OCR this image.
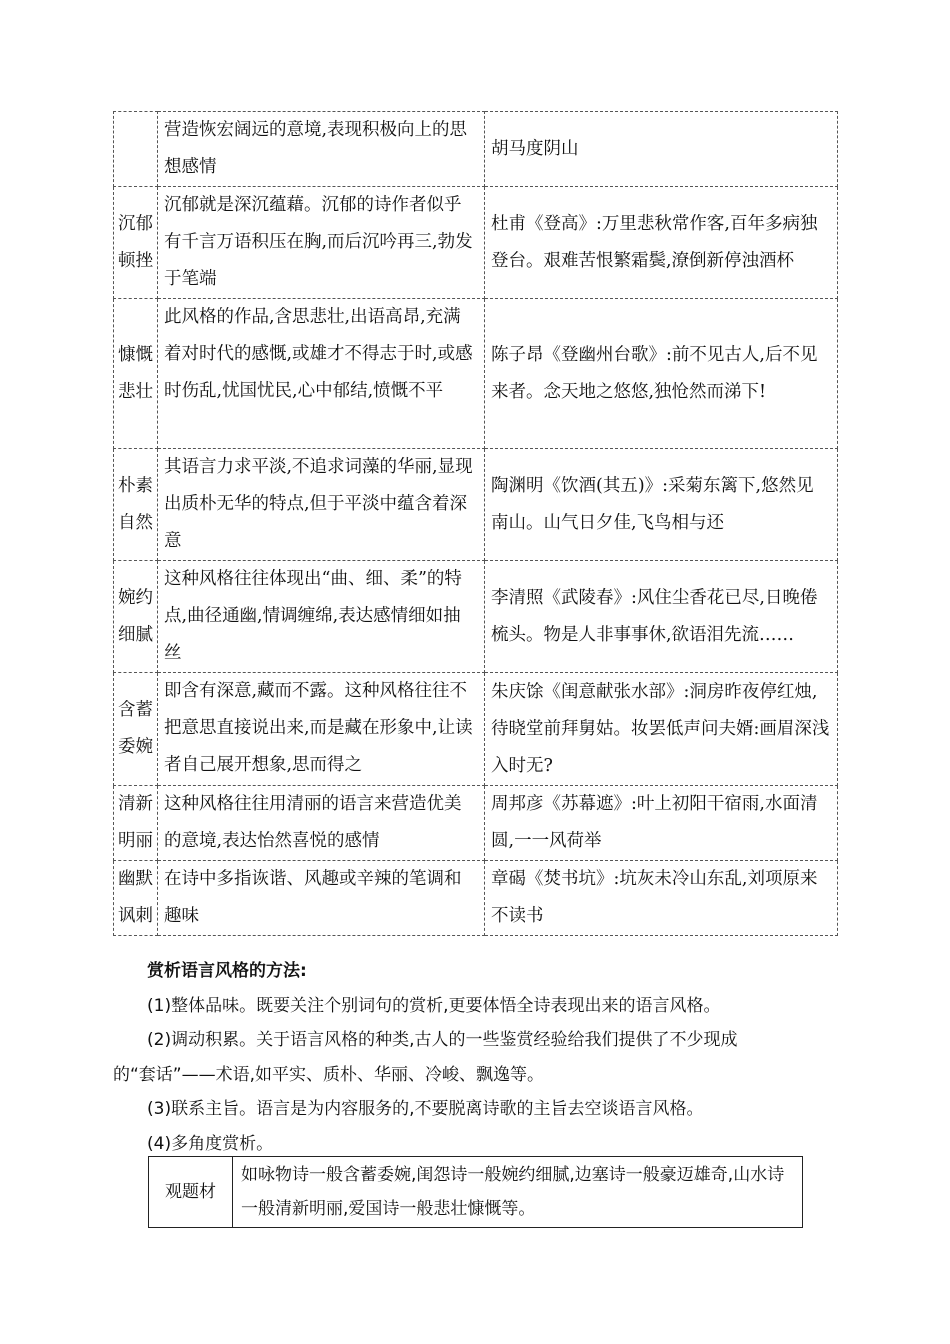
	营造恢宏阔远的意境,表现积极向上的思想感情	胡马度阴山
沉郁顿挫	沉郁就是深沉蕴藉。沉郁的诗作者似乎有千言万语积压在胸,而后沉吟再三,勃发于笔端	杜甫《登高》:万里悲秋常作客,百年多病独登台。艰难苦恨繁霜鬓,潦倒新停浊酒杯
慷慨悲壮	此风格的作品,含思悲壮,出语高昂,充满着对时代的感慨,或雄才不得志于时,或感时伤乱,忧国忧民,心中郁结,愤慨不平	陈子昂《登幽州台歌》:前不见古人,后不见来者。念天地之悠悠,独怆然而涕下!
朴素自然	其语言力求平淡,不追求词藻的华丽,显现出质朴无华的特点,但于平淡中蕴含着深意	陶渊明《饮酒(其五)》:采菊东篱下,悠然见南山。山气日夕佳,飞鸟相与还
婉约细腻	这种风格往往体现出“曲、细、柔”的特点,曲径通幽,情调缠绵,表达感情细如抽丝	李清照《武陵春》:风住尘香花已尽,日晚倦梳头。物是人非事事休,欲语泪先流……
含蓄委婉	即含有深意,藏而不露。这种风格往往不把意思直接说出来,而是藏在形象中,让读者自己展开想象,思而得之	朱庆馀《闺意献张水部》:洞房昨夜停红烛,待晓堂前拜舅姑。妆罢低声问夫婿:画眉深浅入时无?
清新明丽	这种风格往往用清丽的语言来营造优美的意境,表达怡然喜悦的感情	周邦彦《苏幕遮》:叶上初阳干宿雨,水面清圆,一一风荷举
幽默讽刺	在诗中多指诙谐、风趣或辛辣的笔调和趣味	章碣《焚书坑》:坑灰未冷山东乱,刘项原来不读书

赏析语言风格的方法:

(1)整体品味。既要关注个别词句的赏析,更要体悟全诗表现出来的语言风格。

(2)调动积累。关于语言风格的种类,古人的一些鉴赏经验给我们提供了不少现成

的“套话”——术语,如平实、质朴、华丽、冷峻、飘逸等。

(3)联系主旨。语言是为内容服务的,不要脱离诗歌的主旨去空谈语言风格。

(4)多角度赏析。

观题材	如咏物诗一般含蓄委婉,闺怨诗一般婉约细腻,边塞诗一般豪迈雄奇,山水诗一般清新明丽,爱国诗一般悲壮慷慨等。
